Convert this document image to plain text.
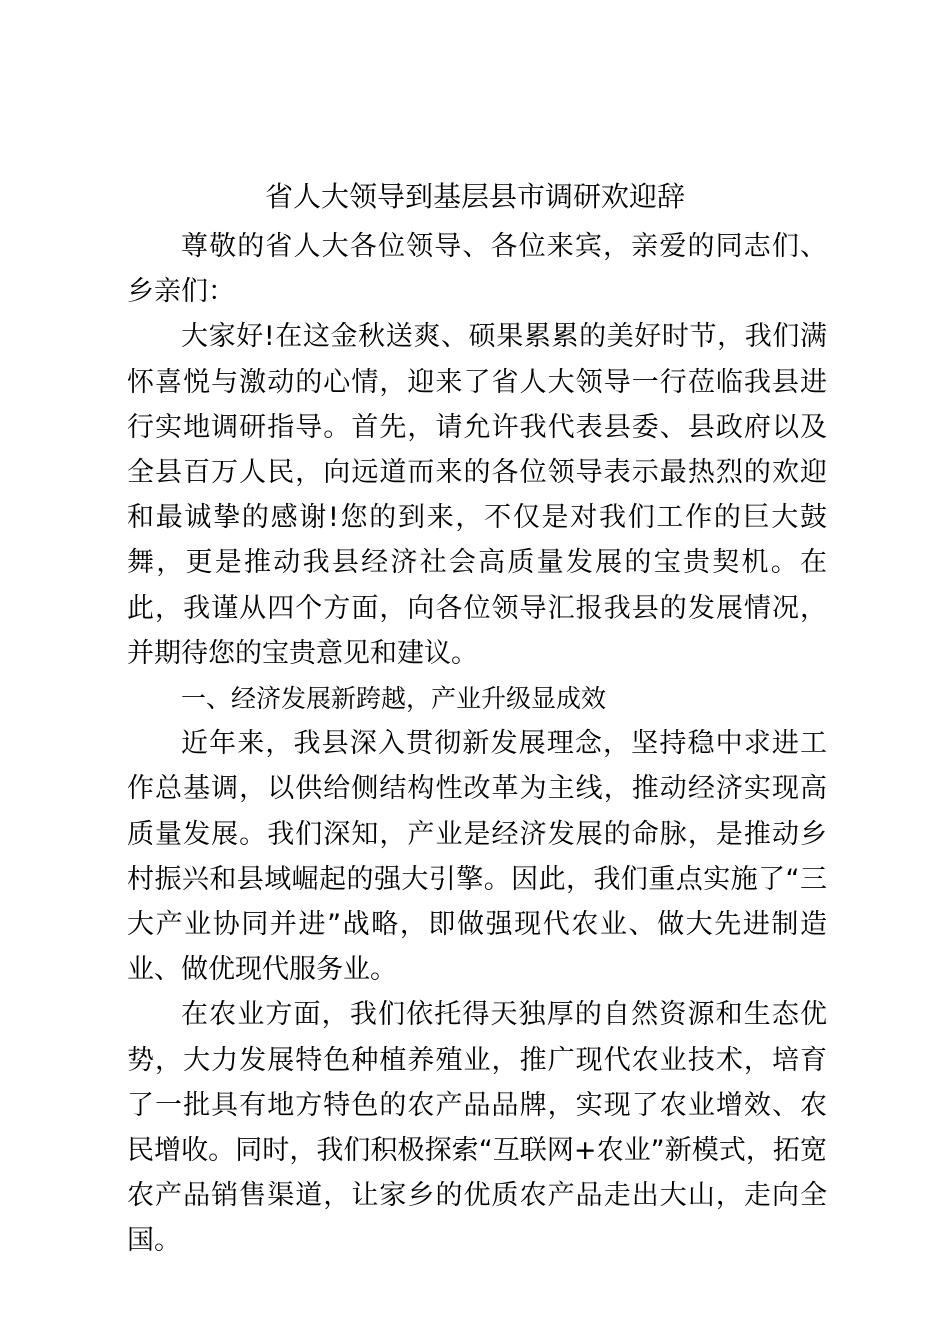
省人大领导到基层县市调研欢迎辞

尊敬的省人大各位领导、各位来宾，亲爱的同志们、乡亲们：

大家好!在这金秋送爽、硕果累累的美好时节，我们满怀喜悦与激动的心情，迎来了省人大领导一行莅临我县进行实地调研指导。首先，请允许我代表县委、县政府以及全县百万人民，向远道而来的各位领导表示最热烈的欢迎和最诚挚的感谢!您的到来，不仅是对我们工作的巨大鼓舞，更是推动我县经济社会高质量发展的宝贵契机。在此，我谨从四个方面，向各位领导汇报我县的发展情况，并期待您的宝贵意见和建议。

一、经济发展新跨越，产业升级显成效

近年来，我县深入贯彻新发展理念，坚持稳中求进工作总基调，以供给侧结构性改革为主线，推动经济实现高质量发展。我们深知，产业是经济发展的命脉，是推动乡村振兴和县域崛起的强大引擎。因此，我们重点实施了“三大产业协同并进”战略，即做强现代农业、做大先进制造业、做优现代服务业。

在农业方面，我们依托得天独厚的自然资源和生态优势，大力发展特色种植养殖业，推广现代农业技术，培育了一批具有地方特色的农产品品牌，实现了农业增效、农民增收。同时，我们积极探索“互联网+农业”新模式，拓宽农产品销售渠道，让家乡的优质农产品走出大山，走向全国。
